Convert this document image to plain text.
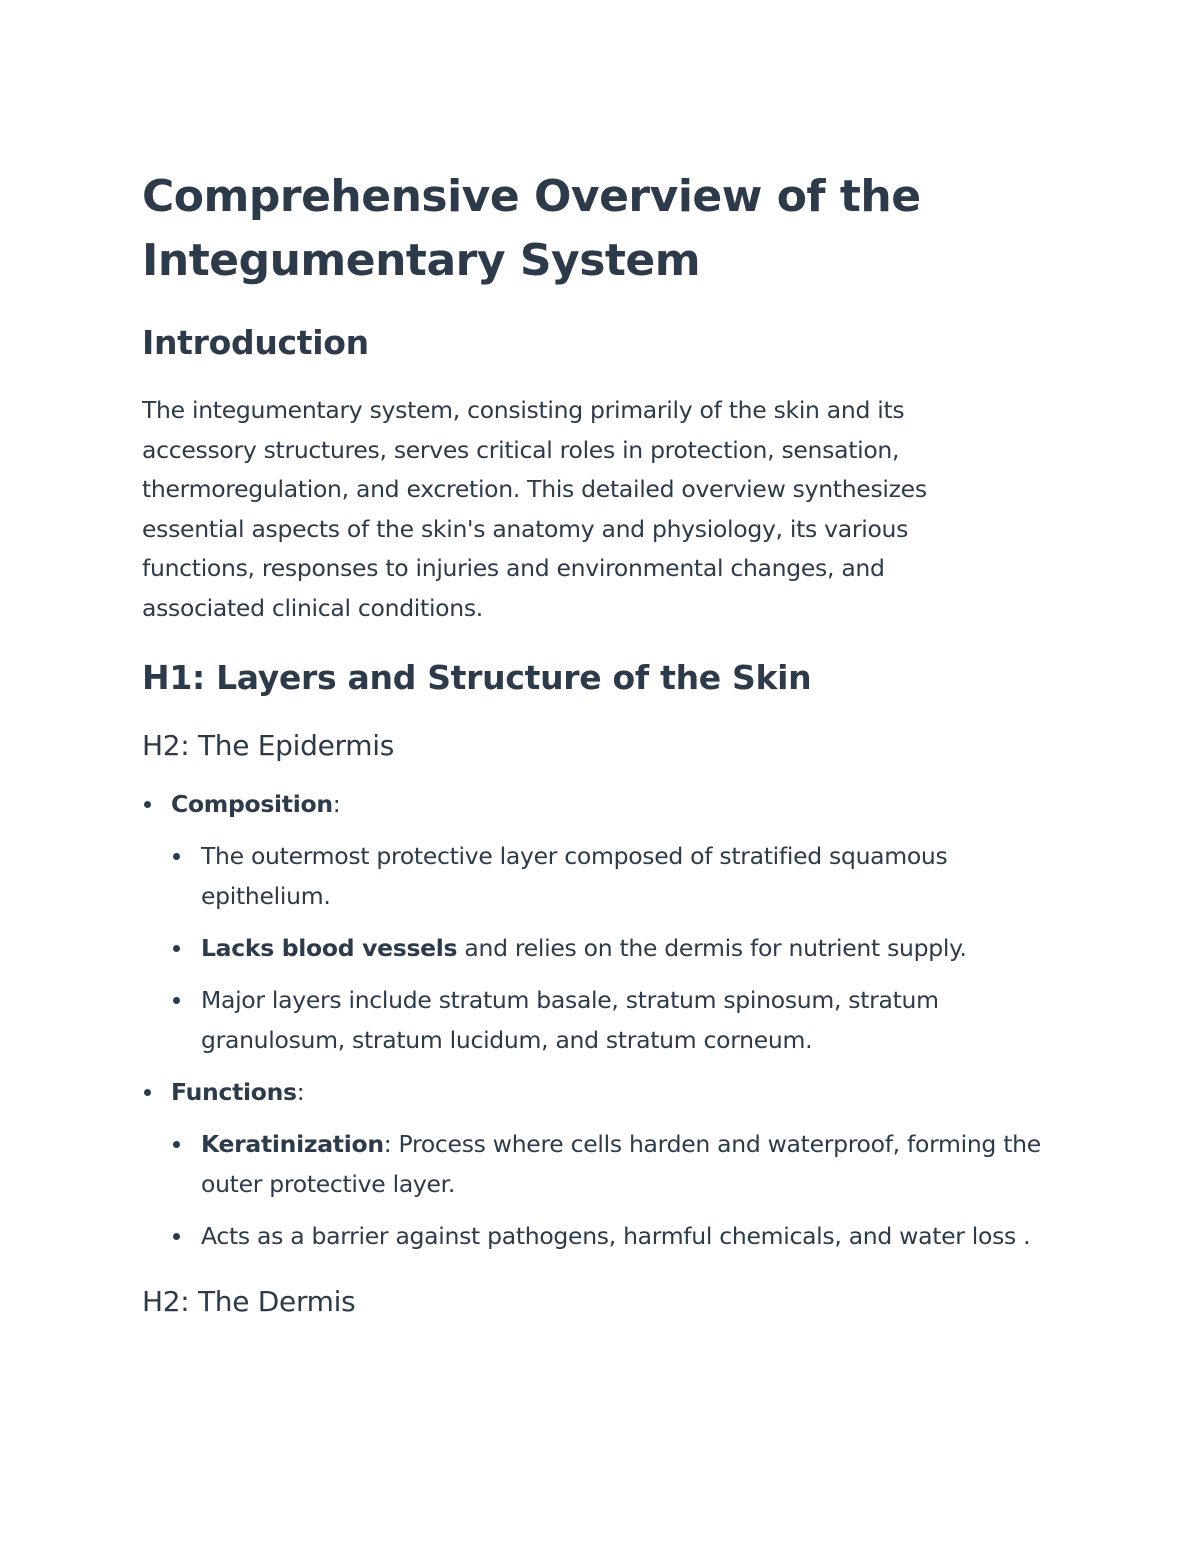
Comprehensive Overview of the Integumentary System
Introduction

The integumentary system, consisting primarily of the skin and its accessory structures, serves critical roles in protection, sensation, thermoregulation, and excretion. This detailed overview synthesizes essential aspects of the skin's anatomy and physiology, its various functions, responses to injuries and environmental changes, and associated clinical conditions.

H1: Layers and Structure of the Skin
H2: The Epidermis
Composition:
The outermost protective layer composed of stratified squamous epithelium.
Lacks blood vessels and relies on the dermis for nutrient supply.
Major layers include stratum basale, stratum spinosum, stratum granulosum, stratum lucidum, and stratum corneum.
Functions:
Keratinization: Process where cells harden and waterproof, forming the outer protective layer.
Acts as a barrier against pathogens, harmful chemicals, and water loss .
H2: The Dermis
